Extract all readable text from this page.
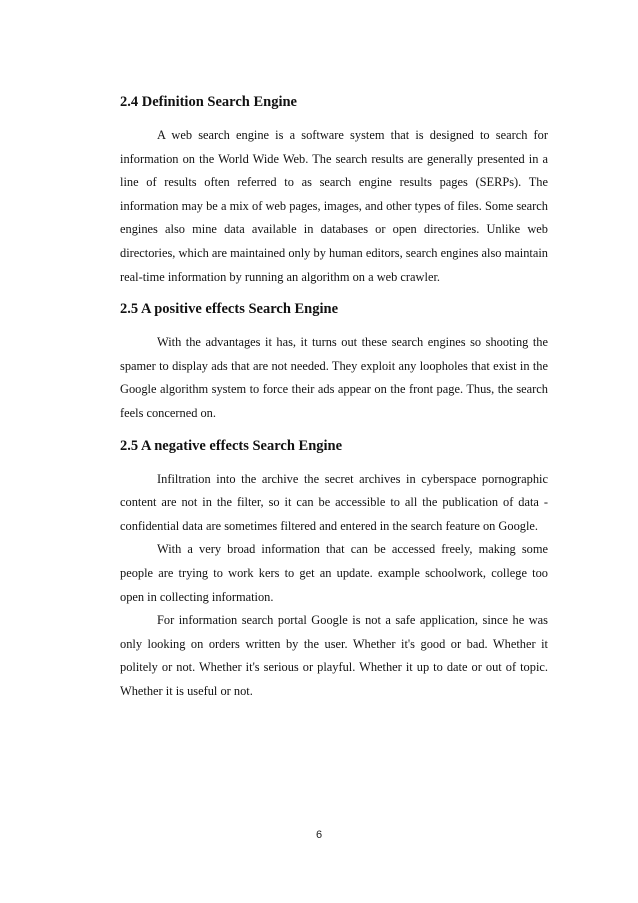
2.4 Definition Search Engine

A web search engine is a software system that is designed to search for information on the World Wide Web. The search results are generally presented in a line of results often referred to as search engine results pages (SERPs). The information may be a mix of web pages, images, and other types of files. Some search engines also mine data available in databases or open directories. Unlike web directories, which are maintained only by human editors, search engines also maintain real-time information by running an algorithm on a web crawler.

2.5 A positive effects Search Engine

With the advantages it has, it turns out these search engines so shooting the spamer to display ads that are not needed. They exploit any loopholes that exist in the Google algorithm system to force their ads appear on the front page. Thus, the search feels concerned on.

2.5 A negative effects Search Engine

Infiltration into the archive the secret archives in cyberspace pornographic content are not in the filter, so it can be accessible to all the publication of data - confidential data are sometimes filtered and entered in the search feature on Google.

With a very broad information that can be accessed freely, making some people are trying to work kers to get an update. example schoolwork, college too open in collecting information.

For information search portal Google is not a safe application, since he was only looking on orders written by the user. Whether it's good or bad. Whether it politely or not. Whether it's serious or playful. Whether it up to date or out of topic. Whether it is useful or not.

6
